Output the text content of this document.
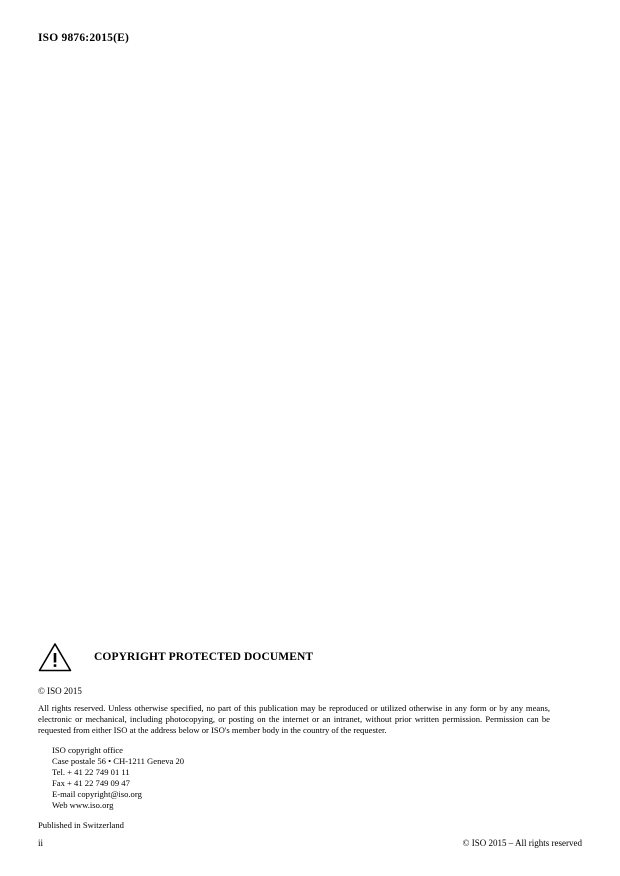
ISO 9876:2015(E)
COPYRIGHT PROTECTED DOCUMENT
© ISO 2015
All rights reserved. Unless otherwise specified, no part of this publication may be reproduced or utilized otherwise in any form or by any means, electronic or mechanical, including photocopying, or posting on the internet or an intranet, without prior written permission. Permission can be requested from either ISO at the address below or ISO's member body in the country of the requester.
ISO copyright office
Case postale 56 • CH-1211 Geneva 20
Tel. + 41 22 749 01 11
Fax + 41 22 749 09 47
E-mail copyright@iso.org
Web www.iso.org
Published in Switzerland
ii	© ISO 2015 – All rights reserved
